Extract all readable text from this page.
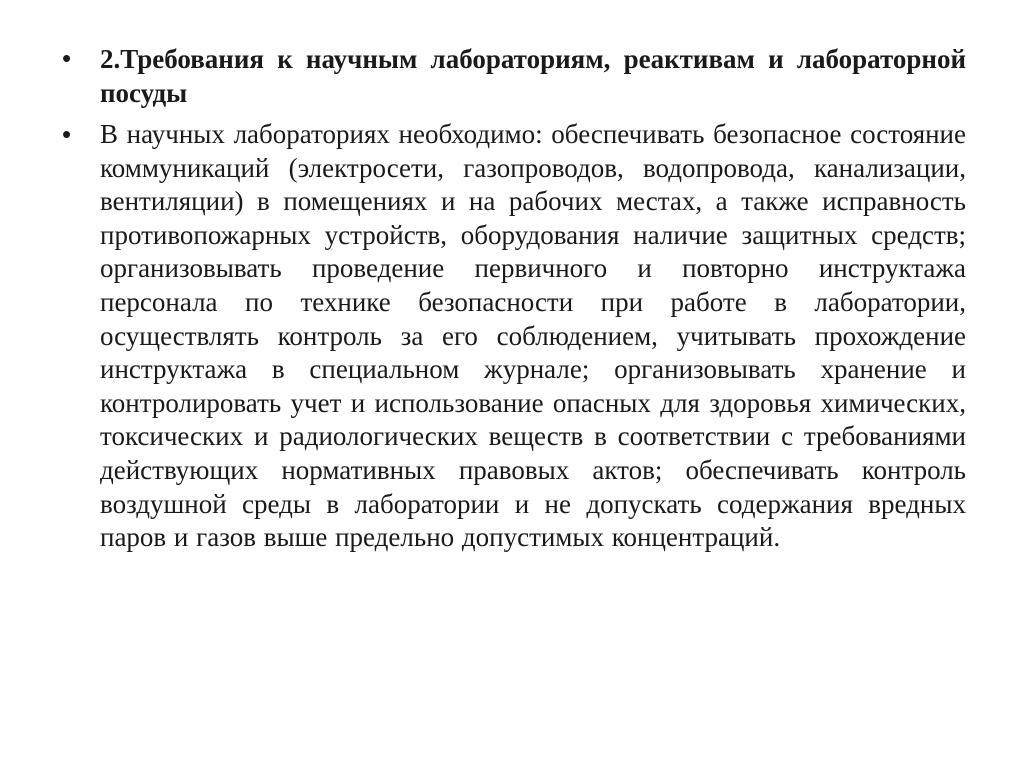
• 2.Требования к научным лабораториям, реактивам и лабораторной посуды
• В научных лабораториях необходимо: обеспечивать безопасное состояние коммуникаций (электросети, газопроводов, водопровода, канализации, вентиляции) в помещениях и на рабочих местах, а также исправность противопожарных устройств, оборудования наличие защитных средств; организовывать проведение первичного и повторно инструктажа персонала по технике безопасности при работе в лаборатории, осуществлять контроль за его соблюдением, учитывать прохождение инструктажа в специальном журнале; организовывать хранение и контролировать учет и использование опасных для здоровья химических, токсических и радиологических веществ в соответствии с требованиями действующих нормативных правовых актов; обеспечивать контроль воздушной среды в лаборатории и не допускать содержания вредных паров и газов выше предельно допустимых концентраций.
